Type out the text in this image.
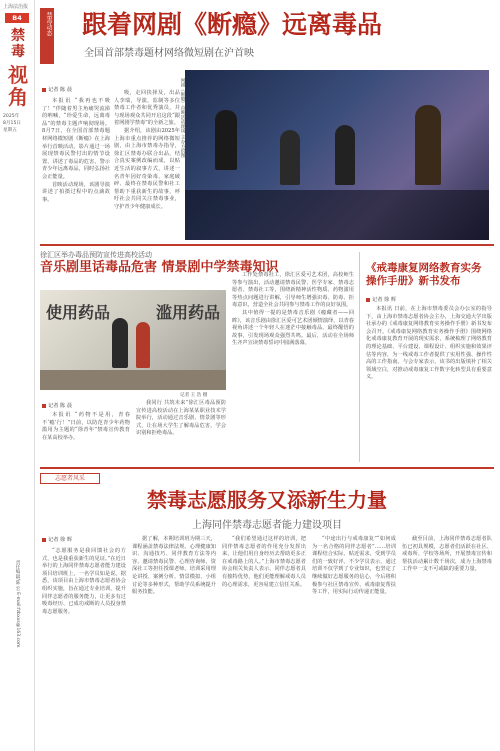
上海法治报
B4
禁
毒
视
角
2025年
8月15日
星期五
责任编辑/陈 宏 E-mail:fzbxxs@163.com
禁毒动态 跟着网剧《断瘾》远离毒品
全国首部禁毒题材网络微短剧在沪首映
记者 陈 晨

本报讯 “我再也不吸了！”伴随着男主角痛哭流涕的呐喊，“珍爱生命，远离毒品”的禁毒主题声响彻现场。8月7日，在全国首部禁毒题材网络微短剧《断瘾》在上海举行首映活动。影片通过一场展现禁毒民警付出的情节设置，讲述了毒品的危害，警示青少年远离毒品，同时弘扬社会正能量。

首映活动现场，该剧导演讲述了拍摄过程中的点滴故事。

吸，走回抉择及，出品人李瑞，导演，监制等多位禁毒工作者和优秀演员，并与现场观众共同开启这段“跟着网剧学禁毒”的全新之旅。

据介绍，该剧由2025年上海市重点推荐的网络微短剧，由上海市禁毒办指导，徐汇区禁毒办联合出品，结合真实案例改编而成，以贴近生活的叙事方式，讲述一名青年因好奇染毒、家庭破碎、最终在禁毒民警和社工帮助下重获新生的故事，呼吁社会共同关注禁毒事业，守护青少年健康成长。

网剧《断瘾》首映活动现场 主办方供图
徐汇区举办毒品预防宣传进高校活动
音乐剧里话毒品危害 情景剧中学禁毒知识
使用药品	滥用药品
记者 王 浩 摄
记者 陈 晨

本报讯 “药物不是用，青春不‘瘾’行！”日前，以防范青少年药物滥用为主题的“徐青年”禁毒宣传教育在某高校举办。

我同行 共筑未来”徐汇区毒品预防宣传进高校活动在上海某某职业技术学院举行，活动通过音乐剧、情景剧等形式，让在场大学生了解毒品危害，学会识别和拒绝毒品。

工作处禁毒社工，徐汇区爱可艺术团，高校师生等参与演出，活动邀请禁毒民警、医学专家、禁毒志愿者、禁毒社工等，围绕新精神活性物质、药物滥用等热点问题进行讲解，引导师生增强识毒、防毒、拒毒意识，营造全社会共同参与禁毒工作的良好氛围。

其中值得一提的是禁毒音乐剧《瘾藏者——回眸》，该音乐剧由徐汇区爱可艺术团倾情演绎，以青春视角讲述一个年轻人在迷茫中接触毒品、最终醒悟的故事，引发现场观众强烈共鸣。最后，活动在全场师生齐声宣读禁毒誓词中圆满落幕。

《戒毒康复网络教育实务操作手册》新书发布
记者 徐 辉

本报讯 日前，在上海市禁毒委员会办公室的指导下，由上海市禁毒志愿者协会主办，上海交通大学出版社承办的《戒毒康复网络教育实务操作手册》新书发布会召开。《戒毒康复网络教育实务操作手册》围绕网络化戒毒康复教育开展的现实需求，系统梳理了网络教育的理论基础、平台建设、课程设计、组织实施和效果评估等内容，为一线戒毒工作者提供了实用性强、操作性高的工作指南。与会专家表示，该书的出版填补了相关领域空白，对推动戒毒康复工作数字化转型具有重要意义。

志愿者风采
禁毒志愿服务又添新生力量
上海同伴禁毒志愿者能力建设项目
记者 徐 辉

“志愿服务是我回馈社会的方式，也是我重获新生的见证。”在近日举行的上海同伴禁毒志愿者能力建设项目培训班上，一名学员如是说。据悉，该项目由上海市禁毒志愿者协会组织实施，旨在通过专业培训，提升同伴志愿者的服务能力，让更多有过吸毒经历、已成功戒断的人员投身禁毒志愿服务。

据了解，本期培训班为期三天，课程涵盖禁毒法律法规、心理健康知识、沟通技巧、同伴教育方法等内容，邀请禁毒民警、心理咨询师、资深社工等担任授课老师。培训采用理论讲授、案例分析、情景模拟、小组讨论等多种形式，帮助学员系统提升服务技能。

“我们希望通过这样的培训，把同伴禁毒志愿者的作用充分发挥出来，让他们用自身经历去帮助更多正在戒毒路上的人。”上海市禁毒志愿者协会相关负责人表示，同伴志愿者具有独特优势，他们更能理解戒毒人员的心理需求，更容易建立信任关系。

“中途出行与戒毒康复”“如何成为一名合格的同伴志愿者”……培训课程结合实际、贴近需求，受到学员们的一致好评。不少学员表示，通过培训不仅学到了专业知识，也坚定了继续做好志愿服务的信心，今后将积极参与社区禁毒宣传、戒毒康复帮扶等工作，用实际行动传递正能量。

截至目前，上海同伴禁毒志愿者队伍已初具规模，志愿者们活跃在社区、戒毒所、学校等场所，开展禁毒宣传和帮扶活动累计数千场次，成为上海禁毒工作中一支不可或缺的重要力量。
